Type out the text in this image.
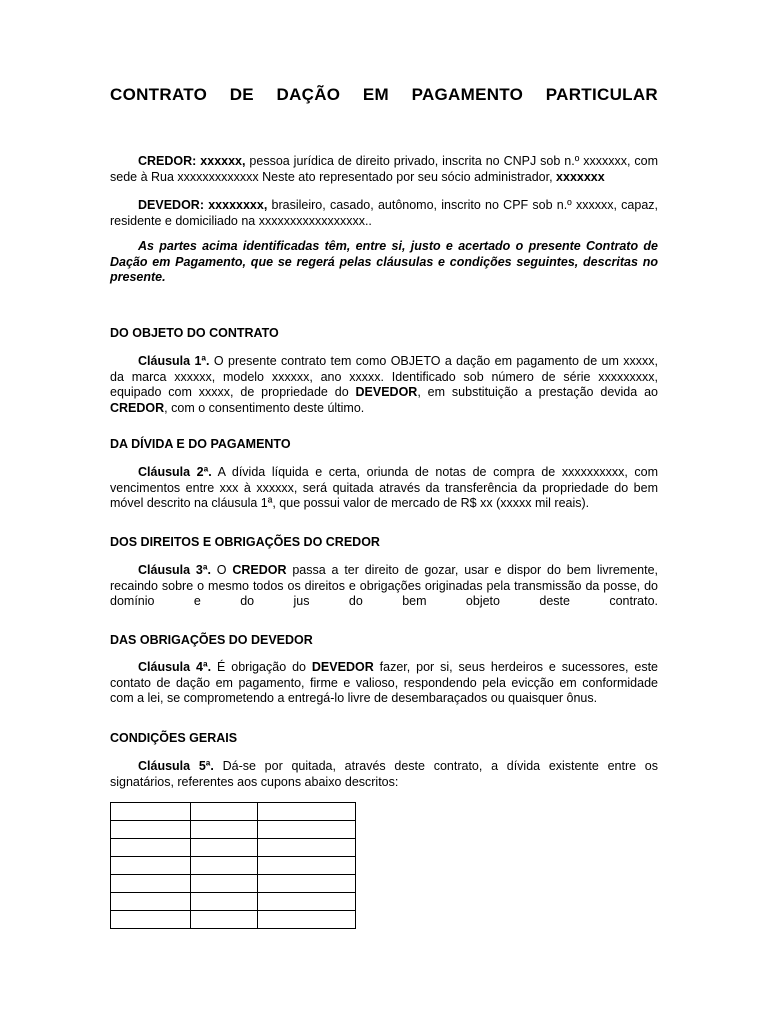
CONTRATO DE DAÇÃO EM PAGAMENTO PARTICULAR

CREDOR: xxxxxx, pessoa jurídica de direito privado, inscrita no CNPJ sob n.º xxxxxxx, com sede à Rua xxxxxxxxxxxxx Neste ato representado por seu sócio administrador, xxxxxxx

DEVEDOR: xxxxxxxx, brasileiro, casado, autônomo, inscrito no CPF sob n.º xxxxxx, capaz, residente e domiciliado na xxxxxxxxxxxxxxxxx..

As partes acima identificadas têm, entre si, justo e acertado o presente Contrato de Dação em Pagamento, que se regerá pelas cláusulas e condições seguintes, descritas no presente.

DO OBJETO DO CONTRATO

Cláusula 1ª. O presente contrato tem como OBJETO a dação em pagamento de um xxxxx, da marca xxxxxx, modelo xxxxxx, ano xxxxx. Identificado sob número de série xxxxxxxxx, equipado com xxxxx, de propriedade do DEVEDOR, em substituição a prestação devida ao CREDOR, com o consentimento deste último.

DA DÍVIDA E DO PAGAMENTO

Cláusula 2ª. A dívida líquida e certa, oriunda de notas de compra de xxxxxxxxxx, com vencimentos entre xxx à xxxxxx, será quitada através da transferência da propriedade do bem móvel descrito na cláusula 1ª, que possui valor de mercado de R$ xx (xxxxx mil reais).

DOS DIREITOS E OBRIGAÇÕES DO CREDOR

Cláusula 3ª. O CREDOR passa a ter direito de gozar, usar e dispor do bem livremente, recaindo sobre o mesmo todos os direitos e obrigações originadas pela transmissão da posse, do domínio e do jus do bem objeto deste contrato.

DAS OBRIGAÇÕES DO DEVEDOR

Cláusula 4ª. É obrigação do DEVEDOR fazer, por si, seus herdeiros e sucessores, este contato de dação em pagamento, firme e valioso, respondendo pela evicção em conformidade com a lei, se comprometendo a entregá-lo livre de desembaraçados ou quaisquer ônus.

CONDIÇÕES GERAIS

Cláusula 5ª. Dá-se por quitada, através deste contrato, a dívida existente entre os signatários, referentes aos cupons abaixo descritos:
